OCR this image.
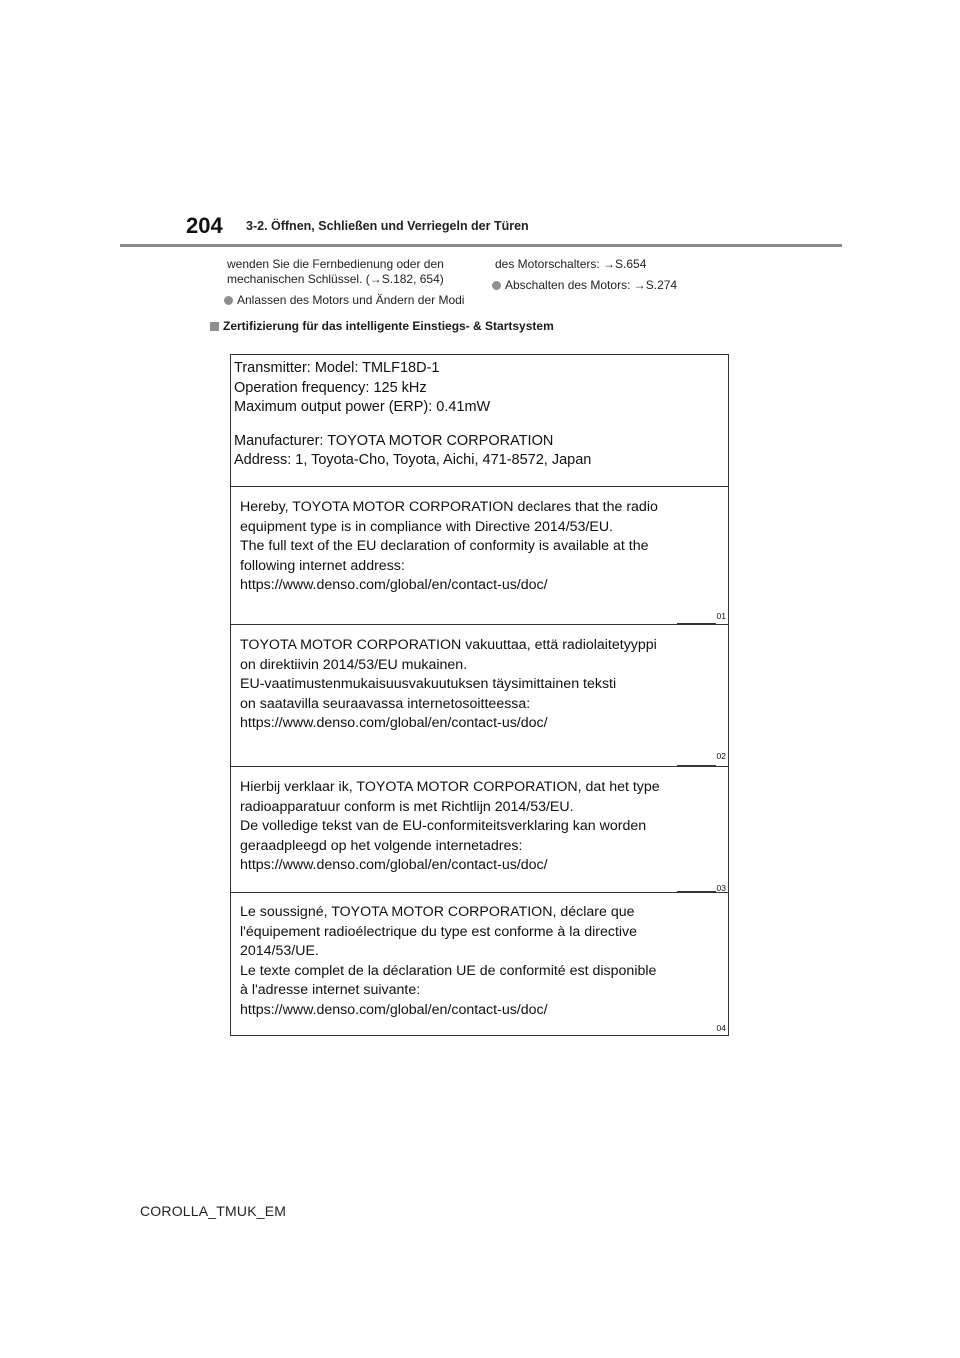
204 3-2. Öffnen, Schließen und Verriegeln der Türen

wenden Sie die Fernbedienung oder den
mechanischen Schlüssel. (→S.182, 654)

Anlassen des Motors und Ändern der Modi

des Motorschalters: →S.654

Abschalten des Motors: →S.274
Zertifizierung für das intelligente Einstiegs- & Startsystem
Transmitter: Model: TMLF18D-1
Operation frequency: 125 kHz
Maximum output power (ERP): 0.41mW
Manufacturer: TOYOTA MOTOR CORPORATION
Address: 1, Toyota-Cho, Toyota, Aichi, 471-8572, Japan
Hereby, TOYOTA MOTOR CORPORATION declares that the radio
equipment type is in compliance with Directive 2014/53/EU.
The full text of the EU declaration of conformity is available at the
following internet address:
https://www.denso.com/global/en/contact-us/doc/
01
TOYOTA MOTOR CORPORATION vakuuttaa, että radiolaitetyyppi
on direktiivin 2014/53/EU mukainen.
EU-vaatimustenmukaisuusvakuutuksen täysimittainen teksti
on saatavilla seuraavassa internetosoitteessa:
https://www.denso.com/global/en/contact-us/doc/
02
Hierbij verklaar ik, TOYOTA MOTOR CORPORATION, dat het type
radioapparatuur conform is met Richtlijn 2014/53/EU.
De volledige tekst van de EU-conformiteitsverklaring kan worden
geraadpleegd op het volgende internetadres:
https://www.denso.com/global/en/contact-us/doc/
03
Le soussigné, TOYOTA MOTOR CORPORATION, déclare que
l'équipement radioélectrique du type est conforme à la directive
2014/53/UE.
Le texte complet de la déclaration UE de conformité est disponible
à l'adresse internet suivante:
https://www.denso.com/global/en/contact-us/doc/
04
COROLLA_TMUK_EM
